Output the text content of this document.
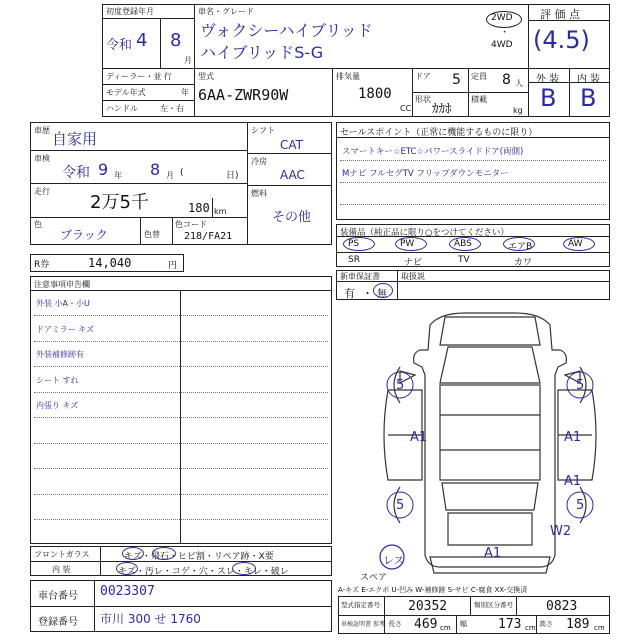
初度登録年月
令和 4 8
月
車名・グレード
ヴォクシーハイブリッド
ハイブリッドS-G
2WD
・
4WD
評 価 点
(4.5)
ディーラー・並 行
モデル年式	年
ハンドル	左・右
型式
6AA-ZWR90W
排気量
1800
CC
ドア 5 定員 8 人
形状
ｶｶﾎ
積載
kg
外 装 内 装
B B
車歴 自家用
車検
令和 9 年 8 月 (	日)
走行
2万5千	180 km
色
ブラック	色替
色コード
218/FA21
シフト
CAT
冷房
AAC
燃料
その他
R券	14,040	円
セールスポイント（正常に機能するものに限り）
スマートキー☆ETC☆パワースライドドア(両側)
Mナビ フルセグTV フリップダウンモニター
装備品（純正品に限り○をつけてください）
PS	PW	ABS	エアB	AW
SR	ナビ	TV	カワ
新車保証書	取扱説
有 ・ 無
注意事項申告欄
外装 小A・小U
ドアミラー キズ
外装補修跡有
シート すれ
内張り キズ
5	5
A1	A1
A1
5	5
W2
A1
レス
スペア
フロントガラス	キズ・飛石・ヒビ割・リペア跡・X要
内 装	キズ・汚レ・コゲ・穴・スレ・キレ・破レ
車台番号 0023307
登録番号 市川 300 せ 1760
A-キズ E-エクボ U-凹み W-補修跡 S-サビ C-腐食 XX-交換済
型式指定番号 20352	類別区分番号	0823
車検証明書 参考 長さ 469 cm 幅 173 cm 高さ 189 cm
